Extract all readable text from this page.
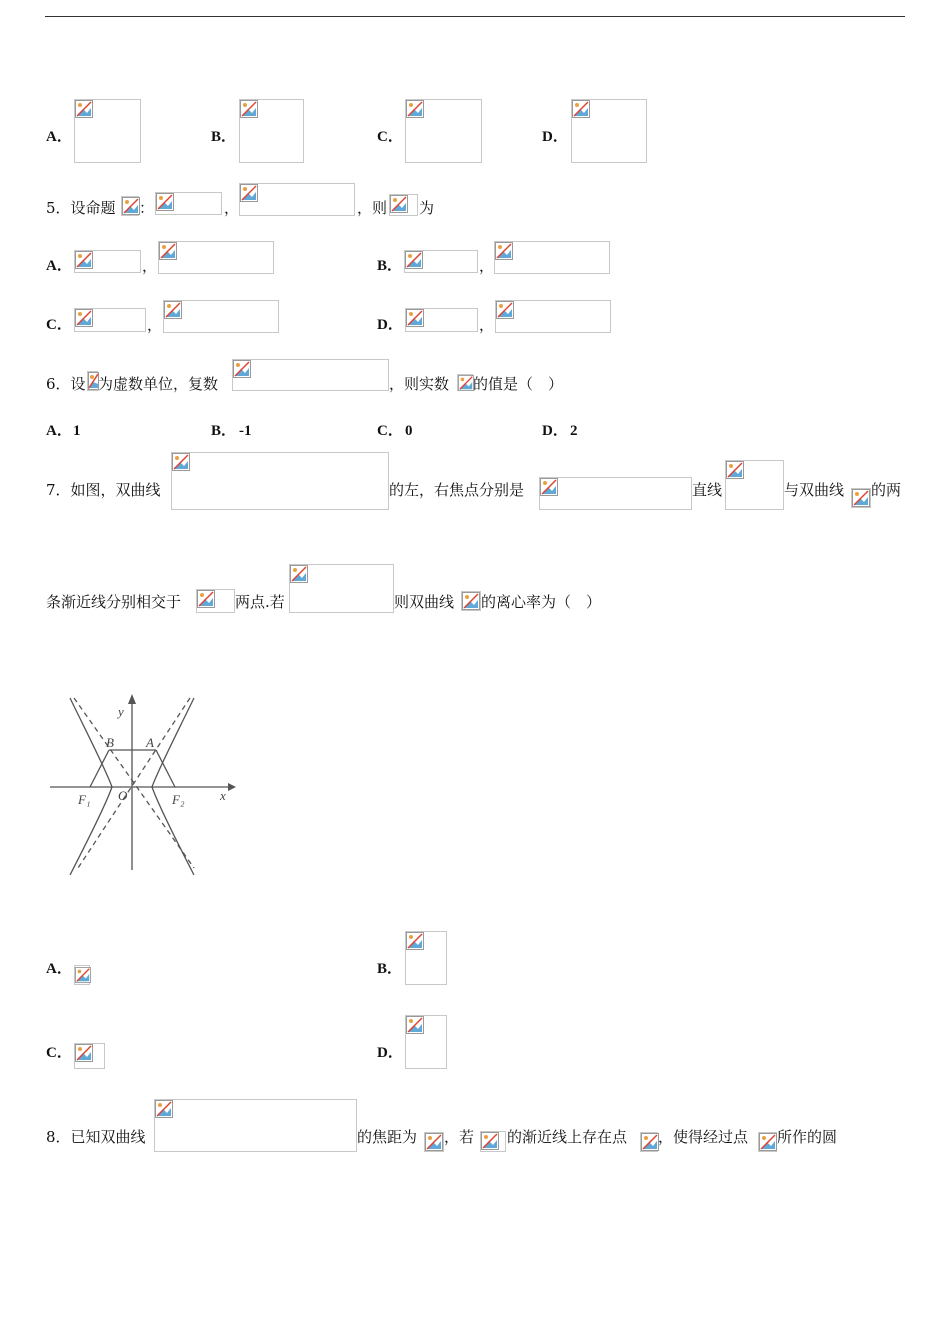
A．	B．	C．	D．
5．设命题 ：	，	，则 为
A．	，	B．	，
C．	，	D．	，
6．设 为虚数单位，复数	，则实数 的值是（　）
A． 1	B． -1	C． 0	D． 2
7．如图，双曲线	的左，右焦点分别是	直线	与双曲线 的两
条渐近线分别相交于	两点.若	则双曲线 的离心率为（　）
y
x
B A
O
F₁	F₂
A．	B．
C．	D．
8．已知双曲线	的焦距为 ，若 的渐近线上存在点 ，使得经过点 所作的圆
